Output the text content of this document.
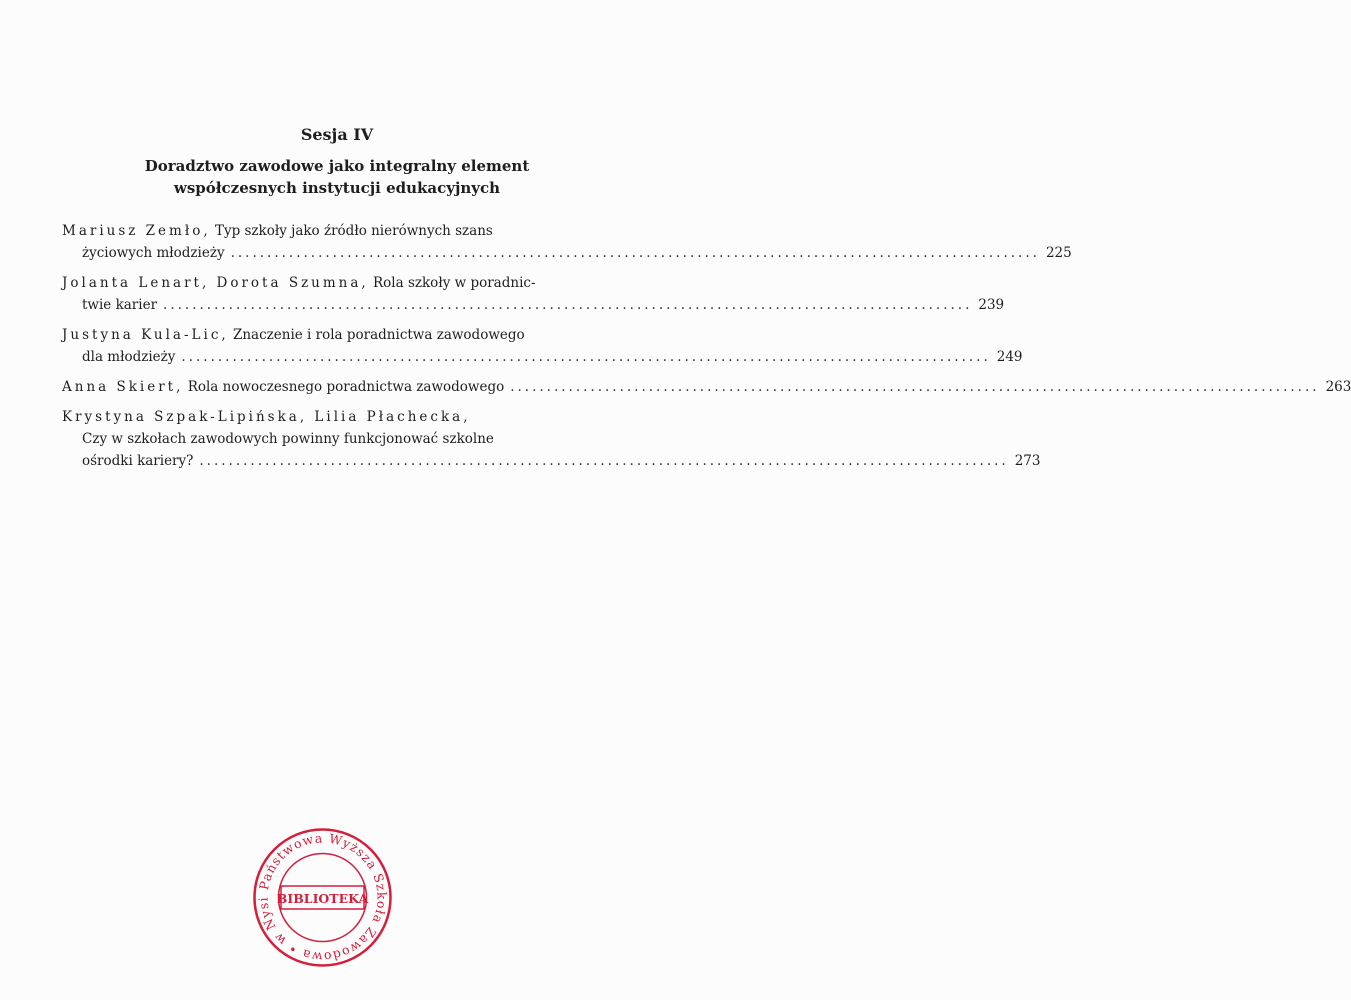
Sesja IV
Doradztwo zawodowe jako integralny element
współczesnych instytucji edukacyjnych
Mariusz Zemło, Typ szkoły jako źródło nierównych szans
życiowych młodzieży ............................................................................................................... 225
Jolanta Lenart, Dorota Szumna, Rola szkoły w poradnic-
twie karier ............................................................................................................... 239
Justyna Kula-Lic, Znaczenie i rola poradnictwa zawodowego
dla młodzieży ............................................................................................................... 249
Anna Skiert, Rola nowoczesnego poradnictwa zawodowego ............................................................................................................... 263
Krystyna Szpak-Lipińska, Lilia Płachecka,
Czy w szkołach zawodowych powinny funkcjonować szkolne
ośrodki kariery? ............................................................................................................... 273
Państwowa Wyższa Szkoła Zawodowa • w Nysi BIBLIOTEKA
